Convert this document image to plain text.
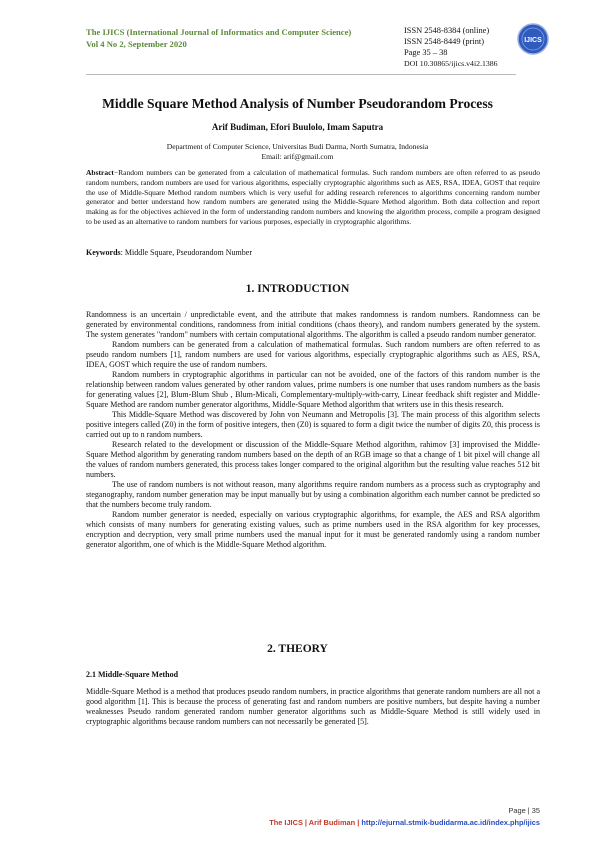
The IJICS (International Journal of Informatics and Computer Science)
Vol 4 No 2, September 2020
ISSN 2548-8384 (online)
ISSN 2548-8449 (print)
Page 35 – 38
DOI 10.30865/ijics.v4i2.1386
IJICS
Middle Square Method Analysis of Number Pseudorandom Process
Arif Budiman, Efori Buulolo, Imam Saputra
Department of Computer Science, Universitas Budi Darma, North Sumatra, Indonesia
Email: arif@gmail.com

Abstract−Random numbers can be generated from a calculation of mathematical formulas. Such random numbers are often referred to as pseudo random numbers, random numbers are used for various algorithms, especially cryptographic algorithms such as AES, RSA, IDEA, GOST that require the use of Middle-Square Method random numbers which is very useful for adding research references to algorithms concerning random number generator and better understand how random numbers are generated using the Middle-Square Method algorithm. Both data collection and report making as for the objectives achieved in the form of understanding random numbers and knowing the algorithm process, compile a program designed to be used as an alternative to random numbers for various purposes, especially in cryptographic algorithms.

Keywords: Middle Square, Pseudorandom Number

1. INTRODUCTION

Randomness is an uncertain / unpredictable event, and the attribute that makes randomness is random numbers. Randomness can be generated by environmental conditions, randomness from initial conditions (chaos theory), and random numbers generated by the system. The system generates "random" numbers with certain computational algorithms. The algorithm is called a pseudo random number generator.

Random numbers can be generated from a calculation of mathematical formulas. Such random numbers are often referred to as pseudo random numbers [1], random numbers are used for various algorithms, especially cryptographic algorithms such as AES, RSA, IDEA, GOST which require the use of random numbers.

Random numbers in cryptographic algorithms in particular can not be avoided, one of the factors of this random number is the relationship between random values generated by other random values, prime numbers is one number that uses random numbers as the basis for generating values [2], Blum-Blum Shub , Blum-Micali, Complementary-multiply-with-carry, Linear feedback shift register and Middle-Square Method are random number generator algorithms, Middle-Square Method algorithm that writers use in this thesis research.

This Middle-Square Method was discovered by John von Neumann and Metropolis [3]. The main process of this algorithm selects positive integers called (Z0) in the form of positive integers, then (Z0) is squared to form a digit twice the number of digits Z0, this process is carried out up to n random numbers.

Research related to the development or discussion of the Middle-Square Method algorithm, rahimov [3] improvised the Middle-Square Method algorithm by generating random numbers based on the depth of an RGB image so that a change of 1 bit pixel will change all the values of random numbers generated, this process takes longer compared to the original algorithm but the resulting value reaches 512 bit numbers.

The use of random numbers is not without reason, many algorithms require random numbers as a process such as cryptography and steganography, random number generation may be input manually but by using a combination algorithm each number cannot be predicted so that the numbers become truly random.

Random number generator is needed, especially on various cryptographic algorithms, for example, the AES and RSA algorithm which consists of many numbers for generating existing values, such as prime numbers used in the RSA algorithm for key processes, encryption and decryption, very small prime numbers used the manual input for it must be generated randomly using a random number generator algorithm, one of which is the Middle-Square Method algorithm.

2. THEORY

2.1 Middle-Square Method

Middle-Square Method is a method that produces pseudo random numbers, in practice algorithms that generate random numbers are all not a good algorithm [1]. This is because the process of generating fast and random numbers are positive numbers, but despite having a number weaknesses Pseudo random generated random number generator algorithms such as Middle-Square Method is still widely used in cryptographic algorithms because random numbers can not necessarily be generated [5].

Page | 35
The IJICS | Arif Budiman | http://ejurnal.stmik-budidarma.ac.id/index.php/ijics
